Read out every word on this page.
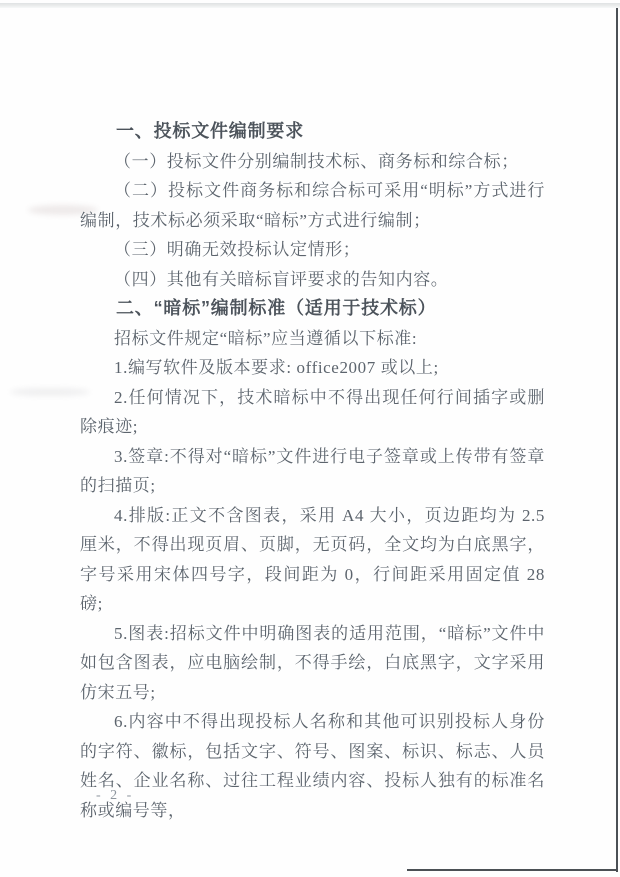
一、投标文件编制要求

（一）投标文件分别编制技术标、商务标和综合标；

（二）投标文件商务标和综合标可采用“明标”方式进行编制，技术标必须采取“暗标”方式进行编制；

（三）明确无效投标认定情形；

（四）其他有关暗标盲评要求的告知内容。

二、“暗标”编制标准（适用于技术标）

招标文件规定“暗标”应当遵循以下标准:

1.编写软件及版本要求: office2007 或以上;

2.任何情况下，技术暗标中不得出现任何行间插字或删除痕迹;

3.签章:不得对“暗标”文件进行电子签章或上传带有签章的扫描页;

4.排版:正文不含图表，采用 A4 大小，页边距均为 2.5 厘米，不得出现页眉、页脚，无页码，全文均为白底黑字，字号采用宋体四号字，段间距为 0，行间距采用固定值 28 磅;

5.图表:招标文件中明确图表的适用范围，“暗标”文件中如包含图表，应电脑绘制，不得手绘，白底黑字，文字采用仿宋五号;

6.内容中不得出现投标人名称和其他可识别投标人身份的字符、徽标，包括文字、符号、图案、标识、标志、人员姓名、企业名称、过往工程业绩内容、投标人独有的标准名称或编号等，

- 2 -
